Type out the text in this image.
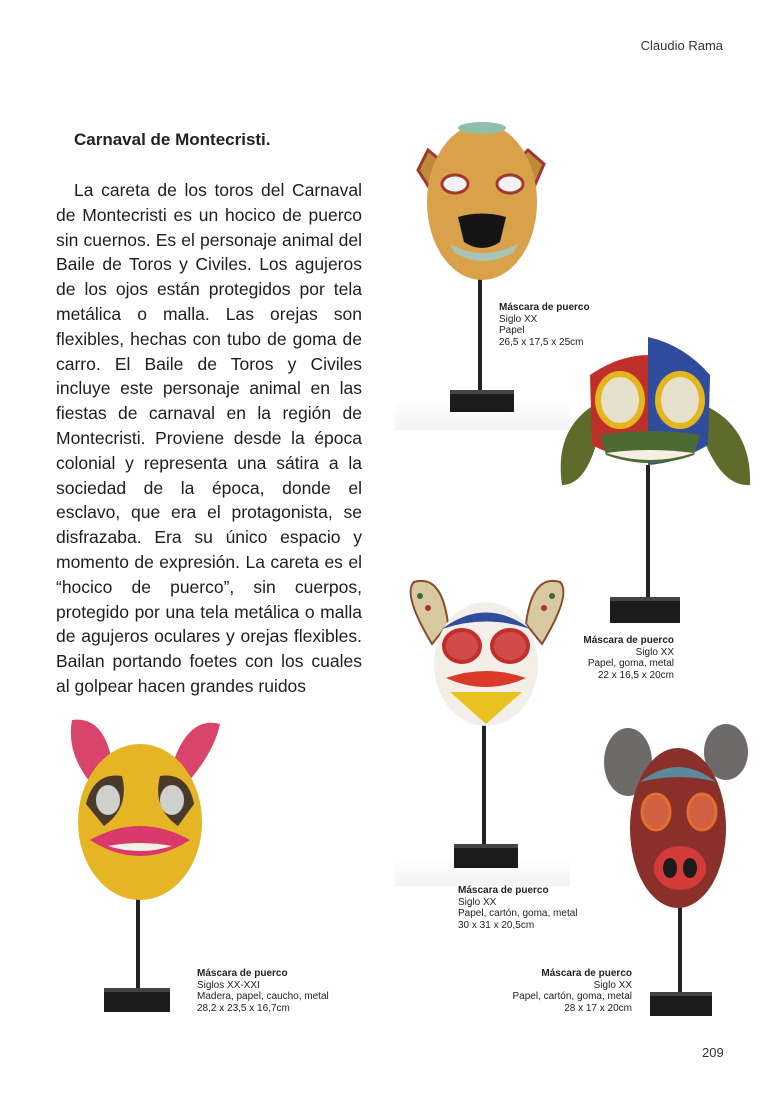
Claudio Rama
Carnaval de Montecristi.

La careta de los toros del Carnaval de Montecristi es un hocico de puerco sin cuernos. Es el personaje animal del Baile de Toros y Civiles. Los agujeros de los ojos están protegidos por tela metálica o malla. Las orejas son flexibles, hechas con tubo de goma de carro. El Baile de Toros y Civiles incluye este personaje animal en las fiestas de carnaval en la región de Montecristi. Proviene desde la época colonial y representa una sátira a la sociedad de la época, donde el esclavo, que era el protagonista, se disfrazaba. Era su único espacio y momento de expresión. La careta es el “hocico de puerco”, sin cuerpos, protegido por una tela metálica o malla de agujeros oculares y orejas flexibles. Bailan portando foetes con los cuales al golpear hacen grandes ruidos

Máscara de puerco
Siglo XX
Papel
26,5 x 17,5 x 25cm
Máscara de puerco
Siglo XX
Papel, goma, metal
22 x 16,5 x 20cm
Máscara de puerco
Siglo XX
Papel, cartón, goma, metal
30 x 31 x 20,5cm
Máscara de puerco
Siglos XX-XXI
Madera, papel, caucho, metal
28,2 x 23,5 x 16,7cm
Máscara de puerco
Siglo XX
Papel, cartón, goma, metal
28 x 17 x 20cm
209
